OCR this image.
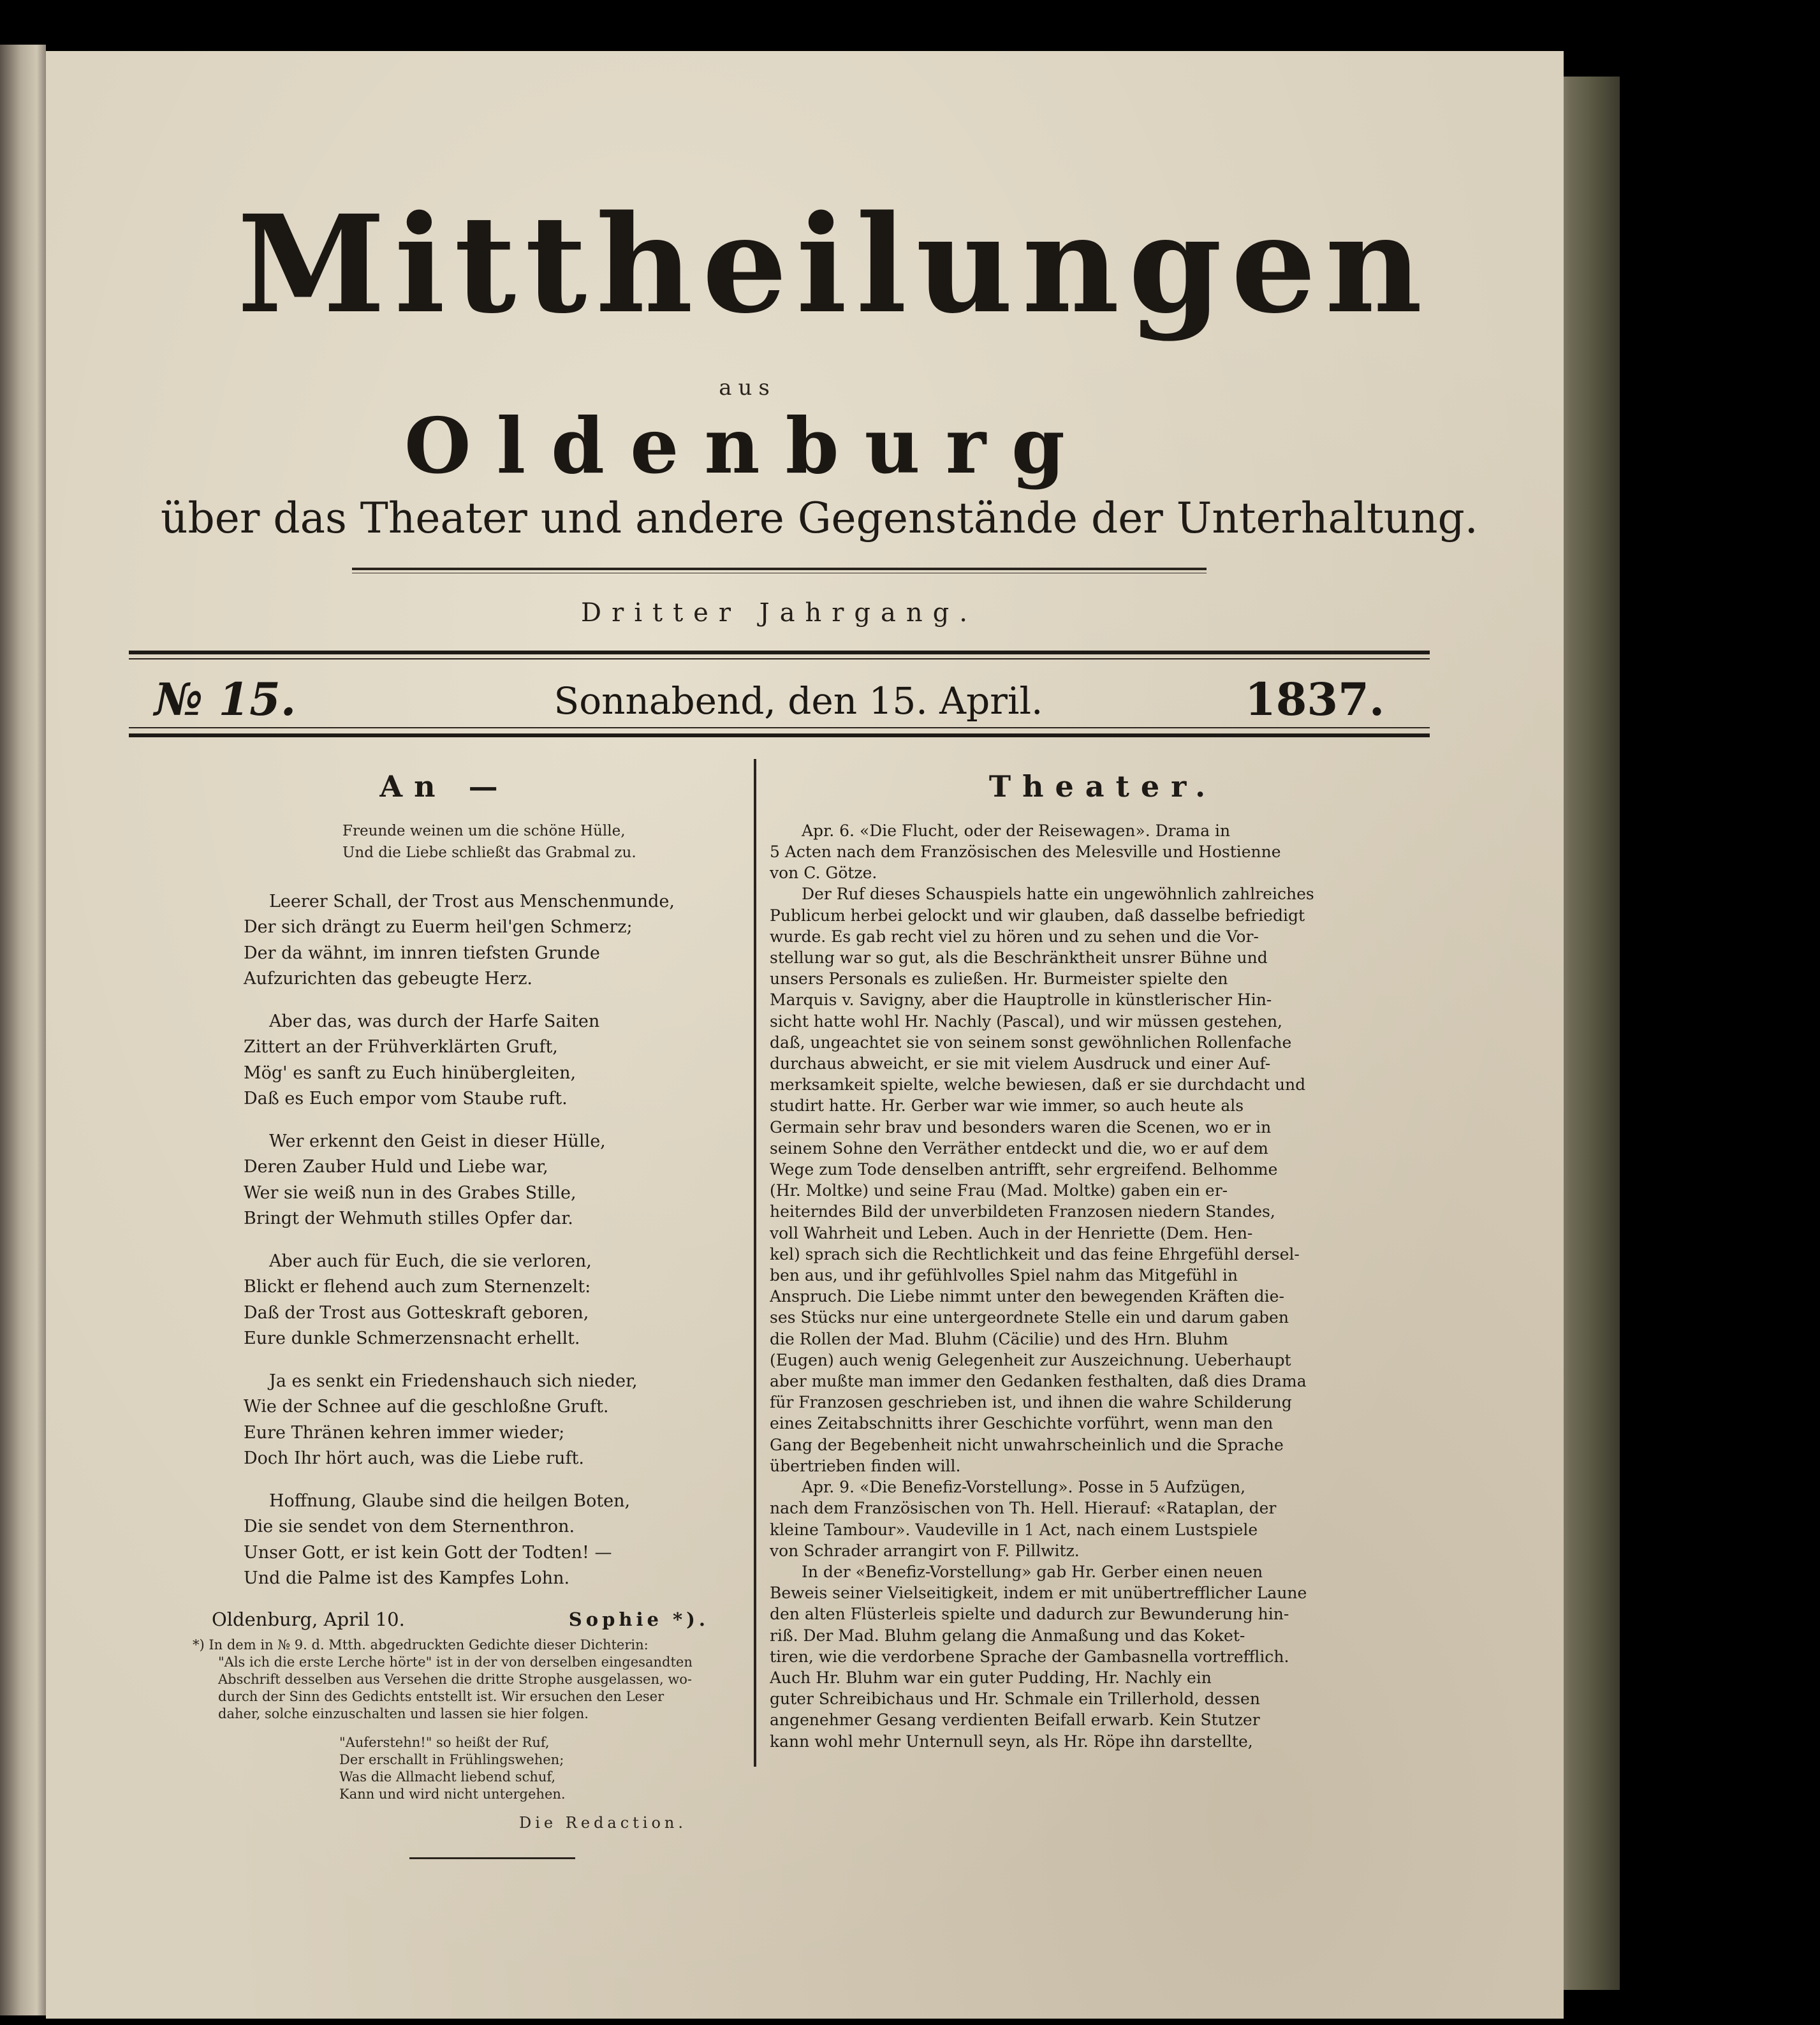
Mittheilungen
aus
Oldenburg
über das Theater und andere Gegenstände der Unterhaltung.
Dritter Jahrgang.
№ 15.	Sonnabend, den 15. April.	1837.
An —
Freunde weinen um die schöne Hülle,
Und die Liebe schließt das Grabmal zu.
Leerer Schall, der Trost aus Menschenmunde,
Der sich drängt zu Euerm heil'gen Schmerz;
Der da wähnt, im innren tiefsten Grunde
Aufzurichten das gebeugte Herz.
Aber das, was durch der Harfe Saiten
Zittert an der Frühverklärten Gruft,
Mög' es sanft zu Euch hinübergleiten,
Daß es Euch empor vom Staube ruft.
Wer erkennt den Geist in dieser Hülle,
Deren Zauber Huld und Liebe war,
Wer sie weiß nun in des Grabes Stille,
Bringt der Wehmuth stilles Opfer dar.
Aber auch für Euch, die sie verloren,
Blickt er flehend auch zum Sternenzelt:
Daß der Trost aus Gotteskraft geboren,
Eure dunkle Schmerzensnacht erhellt.
Ja es senkt ein Friedenshauch sich nieder,
Wie der Schnee auf die geschloßne Gruft.
Eure Thränen kehren immer wieder;
Doch Ihr hört auch, was die Liebe ruft.
Hoffnung, Glaube sind die heilgen Boten,
Die sie sendet von dem Sternenthron.
Unser Gott, er ist kein Gott der Todten! —
Und die Palme ist des Kampfes Lohn.
Oldenburg, April 10.	Sophie *).
*) In dem in № 9. d. Mtth. abgedruckten Gedichte dieser Dichterin:
"Als ich die erste Lerche hörte" ist in der von derselben eingesandten
Abschrift desselben aus Versehen die dritte Strophe ausgelassen, wo-
durch der Sinn des Gedichts entstellt ist. Wir ersuchen den Leser
daher, solche einzuschalten und lassen sie hier folgen.
"Auferstehn!" so heißt der Ruf,
Der erschallt in Frühlingswehen;
Was die Allmacht liebend schuf,
Kann und wird nicht untergehen.
Die Redaction.
Theater.
Apr. 6. «Die Flucht, oder der Reisewagen». Drama in
5 Acten nach dem Französischen des Melesville und Hostienne
von C. Götze.
Der Ruf dieses Schauspiels hatte ein ungewöhnlich zahlreiches
Publicum herbei gelockt und wir glauben, daß dasselbe befriedigt
wurde. Es gab recht viel zu hören und zu sehen und die Vor-
stellung war so gut, als die Beschränktheit unsrer Bühne und
unsers Personals es zuließen. Hr. Burmeister spielte den
Marquis v. Savigny, aber die Hauptrolle in künstlerischer Hin-
sicht hatte wohl Hr. Nachly (Pascal), und wir müssen gestehen,
daß, ungeachtet sie von seinem sonst gewöhnlichen Rollenfache
durchaus abweicht, er sie mit vielem Ausdruck und einer Auf-
merksamkeit spielte, welche bewiesen, daß er sie durchdacht und
studirt hatte. Hr. Gerber war wie immer, so auch heute als
Germain sehr brav und besonders waren die Scenen, wo er in
seinem Sohne den Verräther entdeckt und die, wo er auf dem
Wege zum Tode denselben antrifft, sehr ergreifend. Belhomme
(Hr. Moltke) und seine Frau (Mad. Moltke) gaben ein er-
heiterndes Bild der unverbildeten Franzosen niedern Standes,
voll Wahrheit und Leben. Auch in der Henriette (Dem. Hen-
kel) sprach sich die Rechtlichkeit und das feine Ehrgefühl dersel-
ben aus, und ihr gefühlvolles Spiel nahm das Mitgefühl in
Anspruch. Die Liebe nimmt unter den bewegenden Kräften die-
ses Stücks nur eine untergeordnete Stelle ein und darum gaben
die Rollen der Mad. Bluhm (Cäcilie) und des Hrn. Bluhm
(Eugen) auch wenig Gelegenheit zur Auszeichnung. Ueberhaupt
aber mußte man immer den Gedanken festhalten, daß dies Drama
für Franzosen geschrieben ist, und ihnen die wahre Schilderung
eines Zeitabschnitts ihrer Geschichte vorführt, wenn man den
Gang der Begebenheit nicht unwahrscheinlich und die Sprache
übertrieben finden will.
Apr. 9. «Die Benefiz-Vorstellung». Posse in 5 Aufzügen,
nach dem Französischen von Th. Hell. Hierauf: «Rataplan, der
kleine Tambour». Vaudeville in 1 Act, nach einem Lustspiele
von Schrader arrangirt von F. Pillwitz.
In der «Benefiz-Vorstellung» gab Hr. Gerber einen neuen
Beweis seiner Vielseitigkeit, indem er mit unübertrefflicher Laune
den alten Flüsterleis spielte und dadurch zur Bewunderung hin-
riß. Der Mad. Bluhm gelang die Anmaßung und das Koket-
tiren, wie die verdorbene Sprache der Gambasnella vortrefflich.
Auch Hr. Bluhm war ein guter Pudding, Hr. Nachly ein
guter Schreibichaus und Hr. Schmale ein Trillerhold, dessen
angenehmer Gesang verdienten Beifall erwarb. Kein Stutzer
kann wohl mehr Unternull seyn, als Hr. Röpe ihn darstellte,
